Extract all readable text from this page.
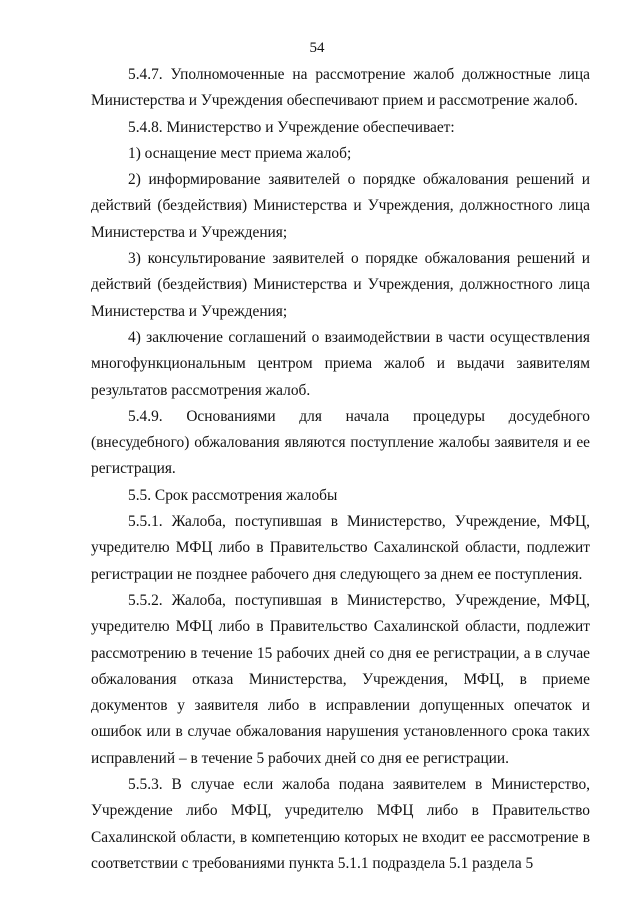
54

5.4.7. Уполномоченные на рассмотрение жалоб должностные лица Министерства и Учреждения обеспечивают прием и рассмотрение жалоб.

5.4.8. Министерство и Учреждение обеспечивает:

1) оснащение мест приема жалоб;

2) информирование заявителей о порядке обжалования решений и действий (бездействия) Министерства и Учреждения, должностного лица Министерства и Учреждения;

3) консультирование заявителей о порядке обжалования решений и действий (бездействия) Министерства и Учреждения, должностного лица Министерства и Учреждения;

4) заключение соглашений о взаимодействии в части осуществления многофункциональным центром приема жалоб и выдачи заявителям результатов рассмотрения жалоб.

5.4.9. Основаниями для начала процедуры досудебного (внесудебного) обжалования являются поступление жалобы заявителя и ее регистрация.

5.5. Срок рассмотрения жалобы

5.5.1. Жалоба, поступившая в Министерство, Учреждение, МФЦ, учредителю МФЦ либо в Правительство Сахалинской области, подлежит регистрации не позднее рабочего дня следующего за днем ее поступления.

5.5.2. Жалоба, поступившая в Министерство, Учреждение, МФЦ, учредителю МФЦ либо в Правительство Сахалинской области, подлежит рассмотрению в течение 15 рабочих дней со дня ее регистрации, а в случае обжалования отказа Министерства, Учреждения, МФЦ, в приеме документов у заявителя либо в исправлении допущенных опечаток и ошибок или в случае обжалования нарушения установленного срока таких исправлений – в течение 5 рабочих дней со дня ее регистрации.

5.5.3. В случае если жалоба подана заявителем в Министерство, Учреждение либо МФЦ, учредителю МФЦ либо в Правительство Сахалинской области, в компетенцию которых не входит ее рассмотрение в соответствии с требованиями пункта 5.1.1 подраздела 5.1 раздела 5
